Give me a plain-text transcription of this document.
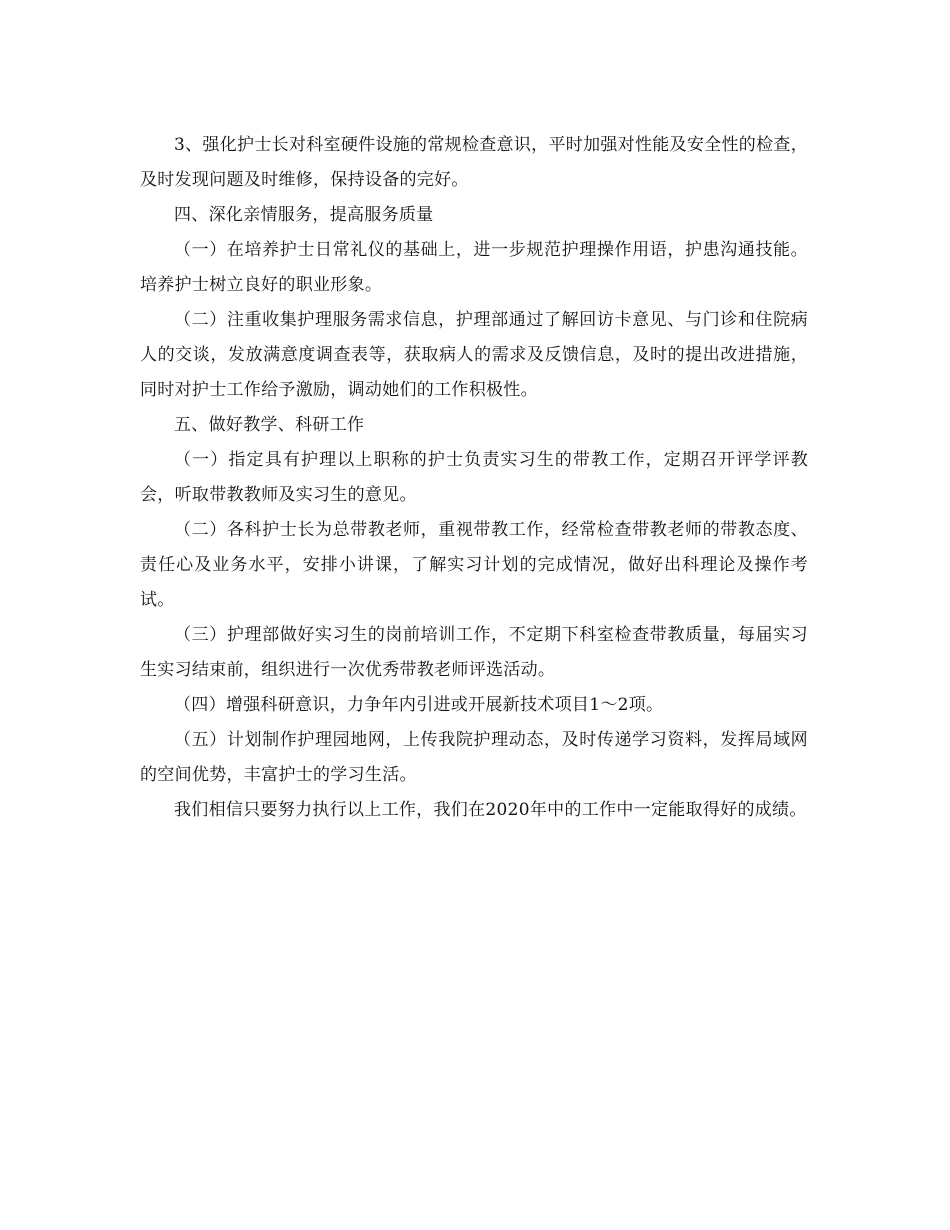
3、强化护士长对科室硬件设施的常规检查意识，平时加强对性能及安全性的检查，及时发现问题及时维修，保持设备的完好。

四、深化亲情服务，提高服务质量

（一）在培养护士日常礼仪的基础上，进一步规范护理操作用语，护患沟通技能。培养护士树立良好的职业形象。

（二）注重收集护理服务需求信息，护理部通过了解回访卡意见、与门诊和住院病人的交谈，发放满意度调查表等，获取病人的需求及反馈信息，及时的提出改进措施，同时对护士工作给予激励，调动她们的工作积极性。

五、做好教学、科研工作

（一）指定具有护理以上职称的护士负责实习生的带教工作，定期召开评学评教会，听取带教教师及实习生的意见。

（二）各科护士长为总带教老师，重视带教工作，经常检查带教老师的带教态度、责任心及业务水平，安排小讲课，了解实习计划的完成情况，做好出科理论及操作考试。

（三）护理部做好实习生的岗前培训工作，不定期下科室检查带教质量，每届实习生实习结束前，组织进行一次优秀带教老师评选活动。

（四）增强科研意识，力争年内引进或开展新技术项目1～2项。

（五）计划制作护理园地网，上传我院护理动态，及时传递学习资料，发挥局域网的空间优势，丰富护士的学习生活。

我们相信只要努力执行以上工作，我们在2020年中的工作中一定能取得好的成绩。
